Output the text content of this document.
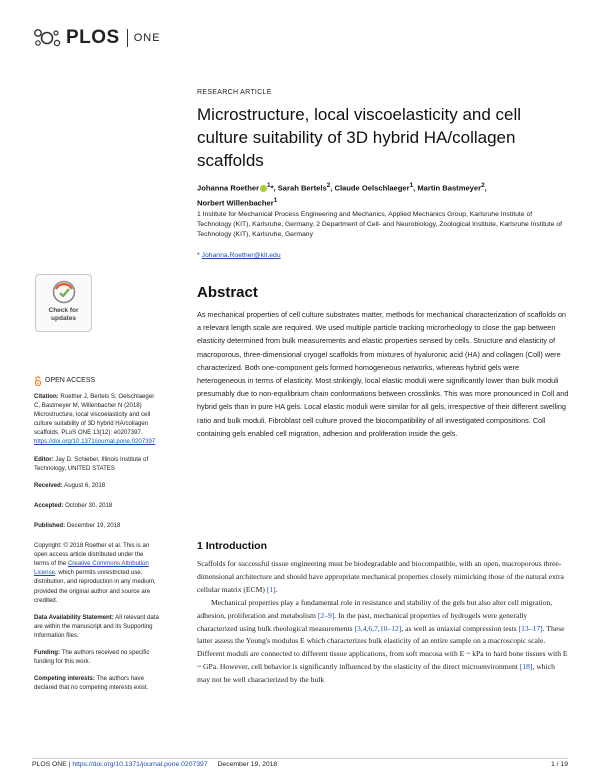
PLOS ONE
Check for updates
OPEN ACCESS
Citation: Roether J, Bertels S, Oelschlaeger C, Bastmeyer M, Willenbacher N (2018) Microstructure, local viscoelasticity and cell culture suitability of 3D hybrid HA/collagen scaffolds. PLoS ONE 13(12): e0207397. https://doi.org/10.1371/journal.pone.0207397
Editor: Jay D. Schieber, Illinois Institute of Technology, UNITED STATES
Received: August 6, 2018
Accepted: October 30, 2018
Published: December 19, 2018
Copyright: © 2018 Roether et al. This is an open access article distributed under the terms of the Creative Commons Attribution License, which permits unrestricted use, distribution, and reproduction in any medium, provided the original author and source are credited.
Data Availability Statement: All relevant data are within the manuscript and its Supporting Information files.
Funding: The authors received no specific funding for this work.
Competing interests: The authors have declared that no competing interests exist.
RESEARCH ARTICLE
Microstructure, local viscoelasticity and cell culture suitability of 3D hybrid HA/collagen scaffolds
Johanna Roether $^1$*, Sarah Bertels$^2$, Claude Oelschlaeger$^1$, Martin Bastmeyer$^2$,
Norbert Willenbacher$^1$
1 Institute for Mechanical Process Engineering and Mechanics, Applied Mechanics Group, Karlsruhe Institute of Technology (KIT), Karlsruhe, Germany, 2 Department of Cell- and Neurobiology, Zoological Institute, Karlsruhe Institute of Technology (KIT), Karlsruhe, Germany
* Johanna.Roether@kit.edu
Abstract

As mechanical properties of cell culture substrates matter, methods for mechanical characterization of scaffolds on a relevant length scale are required. We used multiple particle tracking microrheology to close the gap between elasticity determined from bulk measurements and elastic properties sensed by cells. Structure and elasticity of macroporous, three-dimensional cryogel scaffolds from mixtures of hyaluronic acid (HA) and collagen (Coll) were characterized. Both one-component gels formed homogeneous networks, whereas hybrid gels were heterogeneous in terms of elasticity. Most strikingly, local elastic moduli were significantly lower than bulk moduli presumably due to non-equilibrium chain conformations between crosslinks. This was more pronounced in Coll and hybrid gels than in pure HA gels. Local elastic moduli were similar for all gels, irrespective of their different swelling ratio and bulk moduli. Fibroblast cell culture proved the biocompatibility of all investigated compositions. Coll containing gels enabled cell migration, adhesion and proliferation inside the gels.

1 Introduction

Scaffolds for successful tissue engineering must be biodegradable and biocompatible, with an open, macroporous three-dimensional architecture and should have appropriate mechanical properties closely mimicking those of the natural extra cellular matrix (ECM) [1].

Mechanical properties play a fundamental role in resistance and stability of the gels but also alter cell migration, adhesion, proliferation and metabolism [2–9]. In the past, mechanical properties of hydrogels were generally characterized using bulk rheological measurements [3,4,6,7,10–12], as well as uniaxial compression tests [13–17]. These latter assess the Young's modulus E which characterizes bulk elasticity of an entire sample on a macroscopic scale. Different moduli are connected to different tissue applications, from soft mucosa with E ~ kPa to hard bone tissues with E ~ GPa. However, cell behavior is significantly influenced by the elasticity of the direct microenvironment [18], which may not be well characterized by the bulk

PLOS ONE | https://doi.org/10.1371/journal.pone.0207397 December 19, 2018	1 / 19
